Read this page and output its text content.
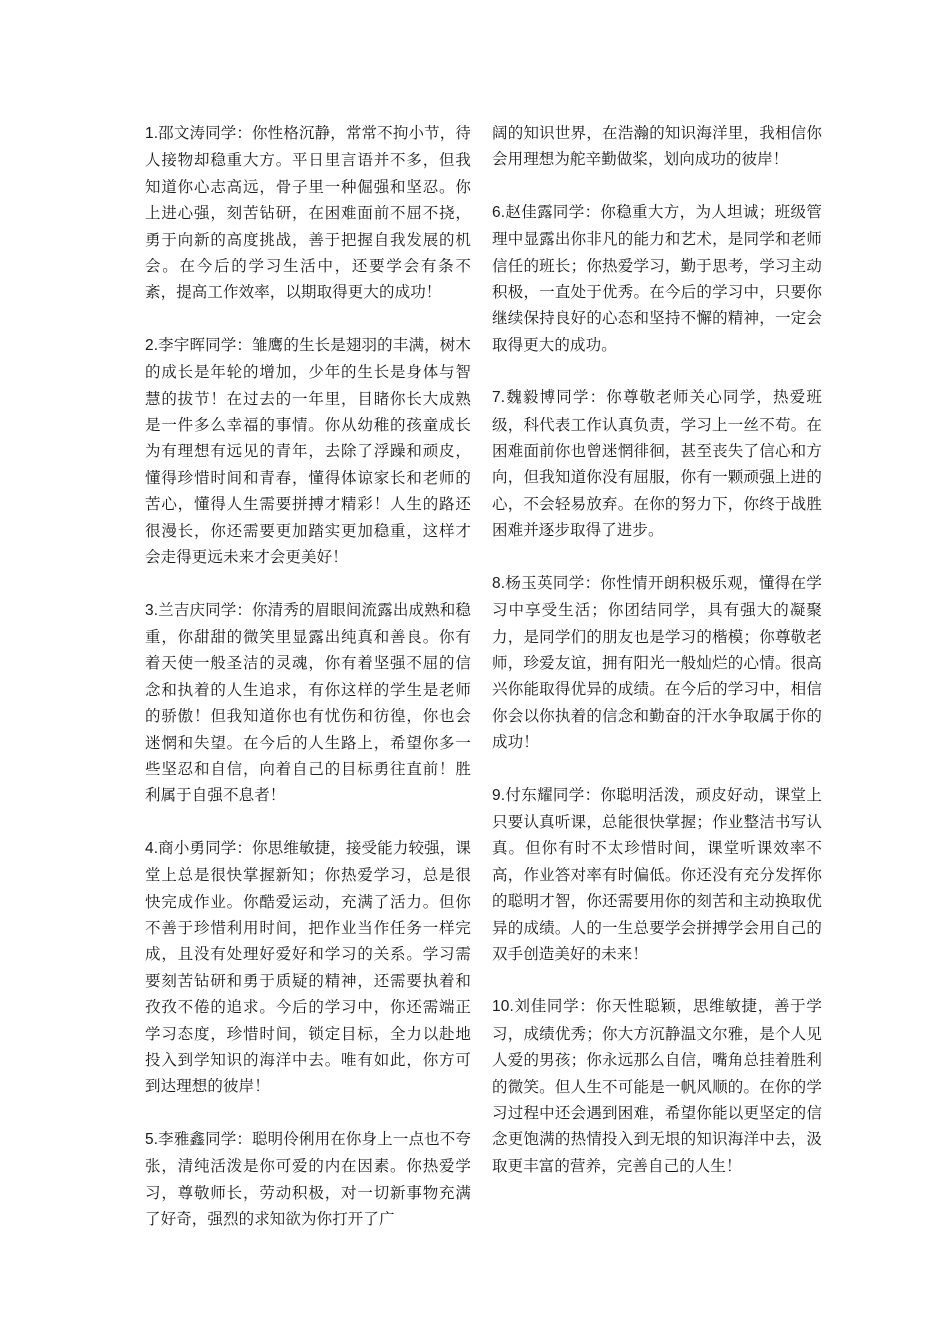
1.邵文涛同学：你性格沉静，常常不拘小节，待人接物却稳重大方。平日里言语并不多，但我知道你心志高远，骨子里一种倔强和坚忍。你上进心强，刻苦钻研，在困难面前不屈不挠，勇于向新的高度挑战，善于把握自我发展的机会。在今后的学习生活中，还要学会有条不紊，提高工作效率，以期取得更大的成功！

2.李宇晖同学：雏鹰的生长是翅羽的丰满，树木的成长是年轮的增加，少年的生长是身体与智慧的拔节！在过去的一年里，目睹你长大成熟是一件多么幸福的事情。你从幼稚的孩童成长为有理想有远见的青年，去除了浮躁和顽皮，懂得珍惜时间和青春，懂得体谅家长和老师的苦心，懂得人生需要拼搏才精彩！人生的路还很漫长，你还需要更加踏实更加稳重，这样才会走得更远未来才会更美好！

3.兰吉庆同学：你清秀的眉眼间流露出成熟和稳重，你甜甜的微笑里显露出纯真和善良。你有着天使一般圣洁的灵魂，你有着坚强不屈的信念和执着的人生追求，有你这样的学生是老师的骄傲！但我知道你也有忧伤和彷徨，你也会迷惘和失望。在今后的人生路上，希望你多一些坚忍和自信，向着自己的目标勇往直前！胜利属于自强不息者！

4.商小勇同学：你思维敏捷，接受能力较强，课堂上总是很快掌握新知；你热爱学习，总是很快完成作业。你酷爱运动，充满了活力。但你不善于珍惜利用时间，把作业当作任务一样完成，且没有处理好爱好和学习的关系。学习需要刻苦钻研和勇于质疑的精神，还需要执着和孜孜不倦的追求。今后的学习中，你还需端正学习态度，珍惜时间，锁定目标，全力以赴地投入到学知识的海洋中去。唯有如此，你方可到达理想的彼岸！

5.李雅鑫同学：聪明伶俐用在你身上一点也不夸张，清纯活泼是你可爱的内在因素。你热爱学习，尊敬师长，劳动积极，对一切新事物充满了好奇，强烈的求知欲为你打开了广

阔的知识世界，在浩瀚的知识海洋里，我相信你会用理想为舵辛勤做桨，划向成功的彼岸！

6.赵佳露同学：你稳重大方，为人坦诚；班级管理中显露出你非凡的能力和艺术，是同学和老师信任的班长；你热爱学习，勤于思考，学习主动积极，一直处于优秀。在今后的学习中，只要你继续保持良好的心态和坚持不懈的精神，一定会取得更大的成功。

7.魏毅博同学：你尊敬老师关心同学，热爱班级，科代表工作认真负责，学习上一丝不苟。在困难面前你也曾迷惘徘徊，甚至丧失了信心和方向，但我知道你没有屈服，你有一颗顽强上进的心，不会轻易放弃。在你的努力下，你终于战胜困难并逐步取得了进步。

8.杨玉英同学：你性情开朗积极乐观，懂得在学习中享受生活；你团结同学，具有强大的凝聚力，是同学们的朋友也是学习的楷模；你尊敬老师，珍爱友谊，拥有阳光一般灿烂的心情。很高兴你能取得优异的成绩。在今后的学习中，相信你会以你执着的信念和勤奋的汗水争取属于你的成功！

9.付东耀同学：你聪明活泼，顽皮好动，课堂上只要认真听课，总能很快掌握；作业整洁书写认真。但你有时不太珍惜时间，课堂听课效率不高，作业答对率有时偏低。你还没有充分发挥你的聪明才智，你还需要用你的刻苦和主动换取优异的成绩。人的一生总要学会拼搏学会用自己的双手创造美好的未来！

10.刘佳同学：你天性聪颖，思维敏捷，善于学习，成绩优秀；你大方沉静温文尔雅，是个人见人爱的男孩；你永远那么自信，嘴角总挂着胜利的微笑。但人生不可能是一帆风顺的。在你的学习过程中还会遇到困难，希望你能以更坚定的信念更饱满的热情投入到无垠的知识海洋中去，汲取更丰富的营养，完善自己的人生！
